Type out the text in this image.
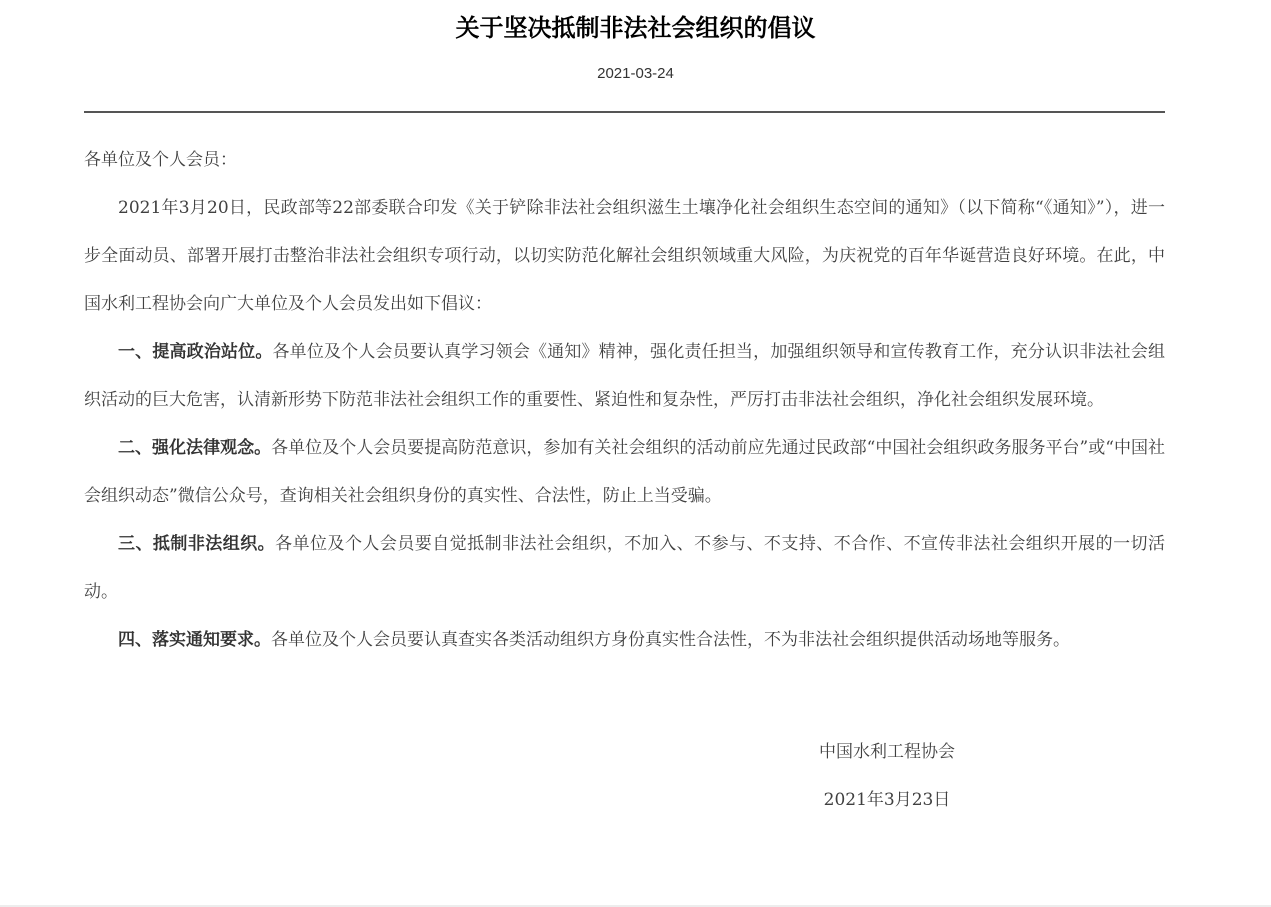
关于坚决抵制非法社会组织的倡议
2021-03-24

各单位及个人会员：

2021年3月20日，民政部等22部委联合印发《关于铲除非法社会组织滋生土壤净化社会组织生态空间的通知》（以下简称“《通知》”），进一步全面动员、部署开展打击整治非法社会组织专项行动，以切实防范化解社会组织领域重大风险，为庆祝党的百年华诞营造良好环境。在此，中国水利工程协会向广大单位及个人会员发出如下倡议：

一、提高政治站位。各单位及个人会员要认真学习领会《通知》精神，强化责任担当，加强组织领导和宣传教育工作，充分认识非法社会组织活动的巨大危害，认清新形势下防范非法社会组织工作的重要性、紧迫性和复杂性，严厉打击非法社会组织，净化社会组织发展环境。

二、强化法律观念。各单位及个人会员要提高防范意识，参加有关社会组织的活动前应先通过民政部“中国社会组织政务服务平台”或“中国社会组织动态”微信公众号，查询相关社会组织身份的真实性、合法性，防止上当受骗。

三、抵制非法组织。各单位及个人会员要自觉抵制非法社会组织，不加入、不参与、不支持、不合作、不宣传非法社会组织开展的一切活动。

四、落实通知要求。各单位及个人会员要认真查实各类活动组织方身份真实性合法性，不为非法社会组织提供活动场地等服务。

中国水利工程协会
2021年3月23日
